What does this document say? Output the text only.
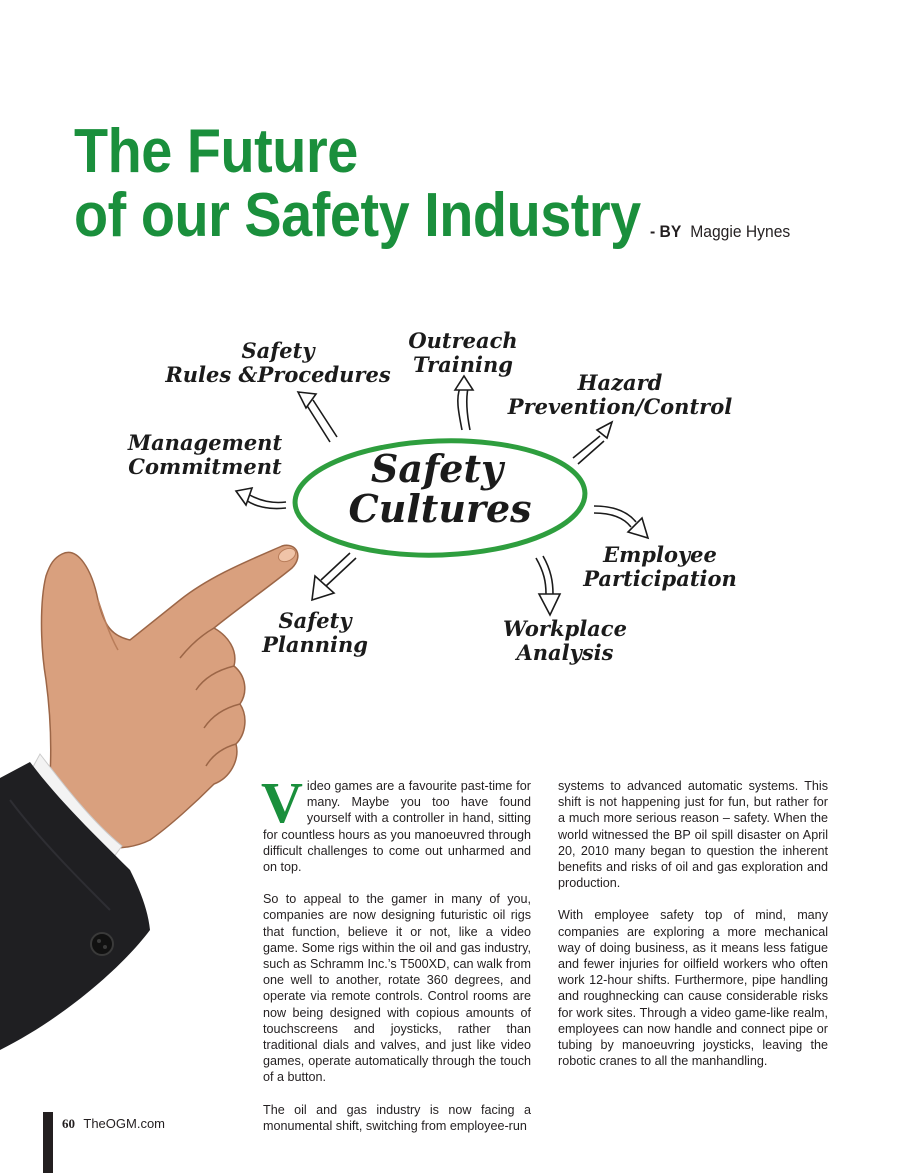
The Future
of our Safety Industry - BY Maggie Hynes
Safety
Cultures
Safety
Rules &Procedures
Outreach
Training
Hazard
Prevention/Control
Management
Commitment
Employee
Participation
Safety
Planning
Workplace
Analysis

Video games are a favourite past-time for many. Maybe you too have found yourself with a controller in hand, sitting for countless hours as you manoeuvred through difficult challenges to come out unharmed and on top.

So to appeal to the gamer in many of you, companies are now designing futuristic oil rigs that function, believe it or not, like a video game. Some rigs within the oil and gas industry, such as Schramm Inc.’s T500XD, can walk from one well to another, rotate 360 degrees, and operate via remote controls. Control rooms are now being designed with copious amounts of touchscreens and joysticks, rather than traditional dials and valves, and just like video games, operate automatically through the touch of a button.

The oil and gas industry is now facing a monumental shift, switching from employee-run

systems to advanced automatic systems. This shift is not happening just for fun, but rather for a much more serious reason – safety. When the world witnessed the BP oil spill disaster on April 20, 2010 many began to question the inherent benefits and risks of oil and gas exploration and production.

With employee safety top of mind, many companies are exploring a more mechanical way of doing business, as it means less fatigue and fewer injuries for oilfield workers who often work 12-hour shifts. Furthermore, pipe handling and roughnecking can cause considerable risks for work sites. Through a video game-like realm, employees can now handle and connect pipe or tubing by manoeuvring joysticks, leaving the robotic cranes to all the manhandling.

60 TheOGM.com
